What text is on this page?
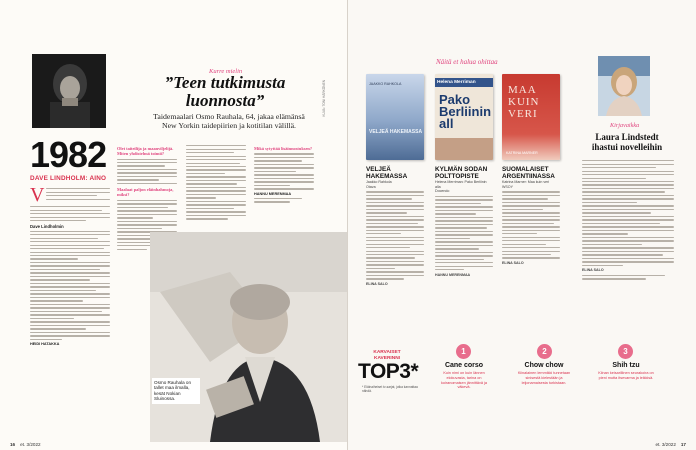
1982
DAVE LINDHOLM: AINO
V
Dave Lindholmin
HEIDI HATAKKA
Kurre mielin
”Teen tutkimusta luonnosta”
Taidemaalari Osmo Rauhala, 64, jakaa elämänsä New Yorkin taidepiirien ja kotitilan välillä.
Olet taiteilija ja maanviljelijä. Miten yhdistelmä toimii?
Maalaat paljon eläinhahmoja, miksi?
Mikä sytyttää lisäinnostuksen?
HANNU MERENMAA
Osmo Rauhala on tallet maa ilmalla, kesät Nokian Sluinossa.
KUVA: TONI HÄRKÖNEN
16 et. 3/2022
Näitä et halua ohittaa
VELJEÄ HAKEMASSA
JAAKKO RAHKOLA	Helena Merriman
Pako Berliinin all
MAA KUIN VERI
KATRINA MARNER
VELJEÄ HAKEMASSA
Jaakko Rahkola
Otava
ELINA SALO
KYLMÄN SODAN POLTTOPISTE
Helena Merriman: Pako Berliinin alla
Docendo
HANNU MERENMAA
SUOMALAISET ARGENTIINASSA
Katrina Marner: Maa kuin veri
WSOY
ELINA SALO
Kirjavaikka
Laura Lindstedt ihastui novelleihin
ELINA SALO
KARVAISET KAVERINNI
TOP3*
* Eläinaiheiset tv-sarjat, jotka kannattaa nähdä.
1
Cane corso
Kuin nimi on kuin lännen elokuvasta, tarina on koiranomaisen jännittävä ja väkevä.
2
Chow chow
Kiinalainen lemmikki tunnetaan sinisestä kielestään ja leijonamaisesta turkistaan.
3
Shih tzu
Kiinan keisarillinen seurakoira on pieni mutta itsevarma ja leikkisä.
et. 3/2022 17
